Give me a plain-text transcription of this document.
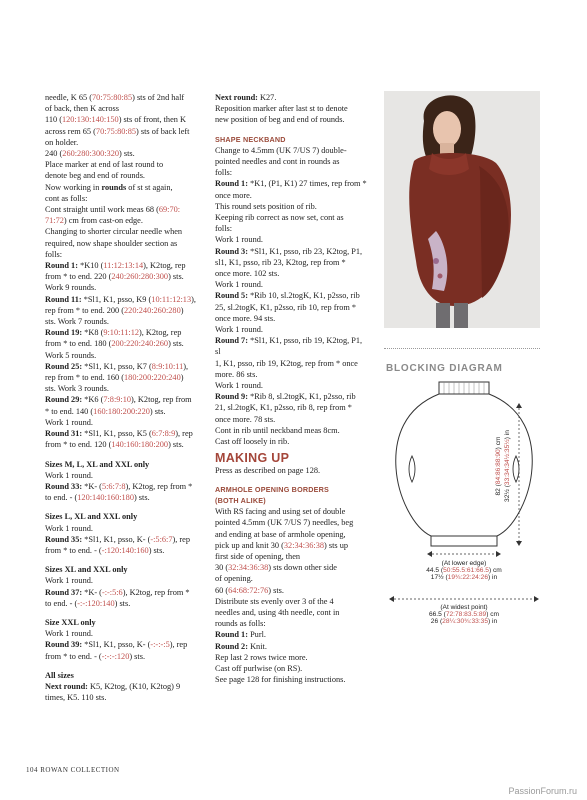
needle, K 65 (70:75:80:85) sts of 2nd half

of back, then K across

110 (120:130:140:150) sts of front, then K

across rem 65 (70:75:80:85) sts of back left

on holder.

240 (260:280:300:320) sts.

Place marker at end of last round to

denote beg and end of rounds.

Now working in rounds of st st again,

cont as folls:

Cont straight until work meas 68 (69:70:

71:72) cm from cast-on edge.

Changing to shorter circular needle when

required, now shape shoulder section as

folls:

Round 1: *K10 (11:12:13:14), K2tog, rep

from * to end. 220 (240:260:280:300) sts.

Work 9 rounds.

Round 11: *Sl1, K1, psso, K9 (10:11:12:13),

rep from * to end. 200 (220:240:260:280)

sts. Work 7 rounds.

Round 19: *K8 (9:10:11:12), K2tog, rep

from * to end. 180 (200:220:240:260) sts.

Work 5 rounds.

Round 25: *Sl1, K1, psso, K7 (8:9:10:11),

rep from * to end. 160 (180:200:220:240)

sts. Work 3 rounds.

Round 29: *K6 (7:8:9:10), K2tog, rep from

* to end. 140 (160:180:200:220) sts.

Work 1 round.

Round 31: *Sl1, K1, psso, K5 (6:7:8:9), rep

from * to end. 120 (140:160:180:200) sts.

Sizes M, L, XL and XXL only

Work 1 round.

Round 33: *K- (5:6:7:8), K2tog, rep from *

to end. - (120:140:160:180) sts.

Sizes L, XL and XXL only

Work 1 round.

Round 35: *Sl1, K1, psso, K- (-:5:6:7), rep

from * to end. - (-:120:140:160) sts.

Sizes XL and XXL only

Work 1 round.

Round 37: *K- (-:-:5:6), K2tog, rep from *

to end. - (-:-:120:140) sts.

Size XXL only

Work 1 round.

Round 39: *Sl1, K1, psso, K- (-:-:-:5), rep

from * to end. - (-:-:-:120) sts.

All sizes

Next round: K5, K2tog, (K10, K2tog) 9

times, K5. 110 sts.

Next round: K27.

Reposition marker after last st to denote

new position of beg and end of rounds.

SHAPE NECKBAND

Change to 4.5mm (UK 7/US 7) double-

pointed needles and cont in rounds as

folls:

Round 1: *K1, (P1, K1) 27 times, rep from *

once more.

This round sets position of rib.

Keeping rib correct as now set, cont as

folls:

Work 1 round.

Round 3: *Sl1, K1, psso, rib 23, K2tog, P1,

sl1, K1, psso, rib 23, K2tog, rep from *

once more. 102 sts.

Work 1 round.

Round 5: *Rib 10, sl.2togK, K1, p2sso, rib

25, sl.2togK, K1, p2sso, rib 10, rep from *

once more. 94 sts.

Work 1 round.

Round 7: *Sl1, K1, psso, rib 19, K2tog, P1,

sl

1, K1, psso, rib 19, K2tog, rep from * once

more. 86 sts.

Work 1 round.

Round 9: *Rib 8, sl.2togK, K1, p2sso, rib

21, sl.2togK, K1, p2sso, rib 8, rep from *

once more. 78 sts.

Cont in rib until neckband meas 8cm.

Cast off loosely in rib.

MAKING UP

Press as described on page 128.

ARMHOLE OPENING BORDERS

(BOTH ALIKE)

With RS facing and using set of double

pointed 4.5mm (UK 7/US 7) needles, beg

and ending at base of armhole opening,

pick up and knit 30 (32:34:36:38) sts up

first side of opening, then

30 (32:34:36:38) sts down other side

of opening.

60 (64:68:72:76) sts.

Distribute sts evenly over 3 of the 4

needles and, using 4th needle, cont in

rounds as folls:

Round 1: Purl.

Round 2: Knit.

Rep last 2 rows twice more.

Cast off purlwise (on RS).

See page 128 for finishing instructions.

BLOCKING DIAGRAM
82 (84:86:88:90) cm
32½ (33:34:34½:35½) in
(At lower edge)
44.5 (50:55.5:61:66.5) cm
17½ (19¾:22:24:26) in
(At widest point)
66.5 (72:78:83.5:89) cm
26 (28¼:30¾:33:35) in
104 ROWAN COLLECTION
PassionForum.ru
